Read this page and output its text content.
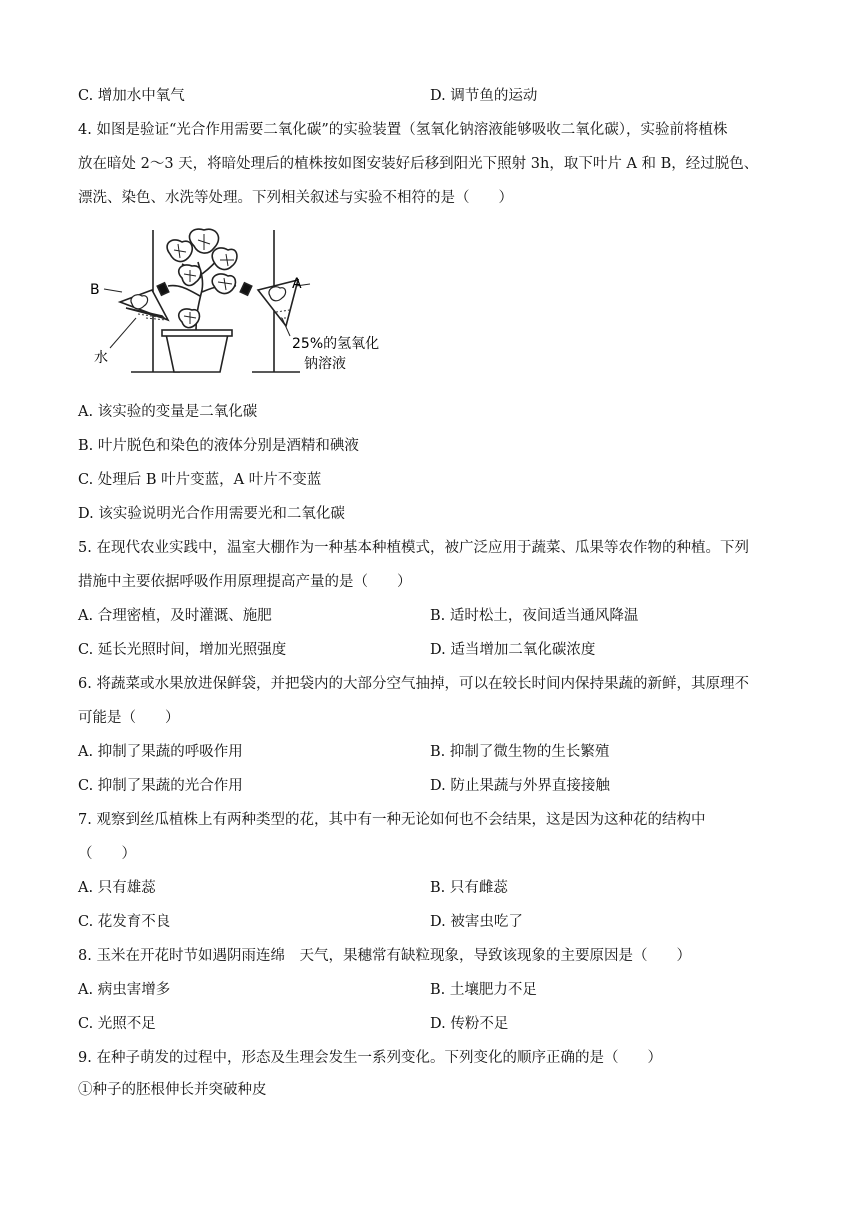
C. 增加水中氧气	D. 调节鱼的运动
4. 如图是验证“光合作用需要二氧化碳”的实验装置（氢氧化钠溶液能够吸收二氧化碳），实验前将植株
放在暗处 2～3 天，将暗处理后的植株按如图安装好后移到阳光下照射 3h，取下叶片 A 和 B，经过脱色、
漂洗、染色、水洗等处理。下列相关叙述与实验不相符的是（　　）
B	A
水
25%的氢氧化
钠溶液
A. 该实验的变量是二氧化碳
B. 叶片脱色和染色的液体分别是酒精和碘液
C. 处理后 B 叶片变蓝，A 叶片不变蓝
D. 该实验说明光合作用需要光和二氧化碳
5. 在现代农业实践中，温室大棚作为一种基本种植模式，被广泛应用于蔬菜、瓜果等农作物的种植。下列
措施中主要依据呼吸作用原理提高产量的是（　　）
A. 合理密植，及时灌溉、施肥	B. 适时松土，夜间适当通风降温
C. 延长光照时间，增加光照强度	D. 适当增加二氧化碳浓度
6. 将蔬菜或水果放进保鲜袋，并把袋内的大部分空气抽掉，可以在较长时间内保持果蔬的新鲜，其原理不
可能是（　　）
A. 抑制了果蔬的呼吸作用	B. 抑制了微生物的生长繁殖
C. 抑制了果蔬的光合作用	D. 防止果蔬与外界直接接触
7. 观察到丝瓜植株上有两种类型的花，其中有一种无论如何也不会结果，这是因为这种花的结构中
（　　）
A. 只有雄蕊	B. 只有雌蕊
C. 花发育不良	D. 被害虫吃了
8. 玉米在开花时节如遇阴雨连绵　天气，果穗常有缺粒现象，导致该现象的主要原因是（　　）
A. 病虫害增多	B. 土壤肥力不足
C. 光照不足	D. 传粉不足
9. 在种子萌发的过程中，形态及生理会发生一系列变化。下列变化的顺序正确的是（　　）
①种子的胚根伸长并突破种皮
